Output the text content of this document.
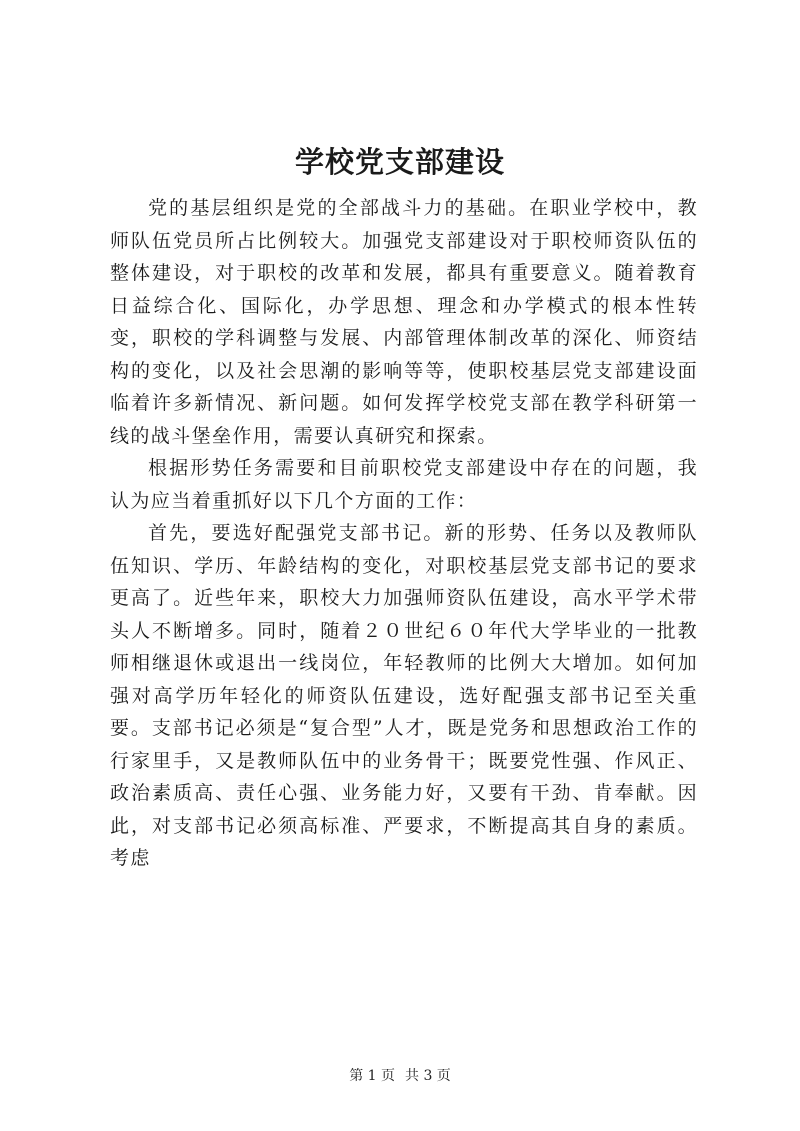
学校党支部建设

党的基层组织是党的全部战斗力的基础。在职业学校中，教师队伍党员所占比例较大。加强党支部建设对于职校师资队伍的整体建设，对于职校的改革和发展，都具有重要意义。随着教育日益综合化、国际化，办学思想、理念和办学模式的根本性转变，职校的学科调整与发展、内部管理体制改革的深化、师资结构的变化，以及社会思潮的影响等等，使职校基层党支部建设面临着许多新情况、新问题。如何发挥学校党支部在教学科研第一线的战斗堡垒作用，需要认真研究和探索。

根据形势任务需要和目前职校党支部建设中存在的问题，我认为应当着重抓好以下几个方面的工作：

首先，要选好配强党支部书记。新的形势、任务以及教师队伍知识、学历、年龄结构的变化，对职校基层党支部书记的要求更高了。近些年来，职校大力加强师资队伍建设，高水平学术带头人不断增多。同时，随着２０世纪６０年代大学毕业的一批教师相继退休或退出一线岗位，年轻教师的比例大大增加。如何加强对高学历年轻化的师资队伍建设，选好配强支部书记至关重要。支部书记必须是“复合型”人才，既是党务和思想政治工作的行家里手，又是教师队伍中的业务骨干；既要党性强、作风正、政治素质高、责任心强、业务能力好，又要有干劲、肯奉献。因此，对支部书记必须高标准、严要求，不断提高其自身的素质。考虑

第 1 页 共 3 页
